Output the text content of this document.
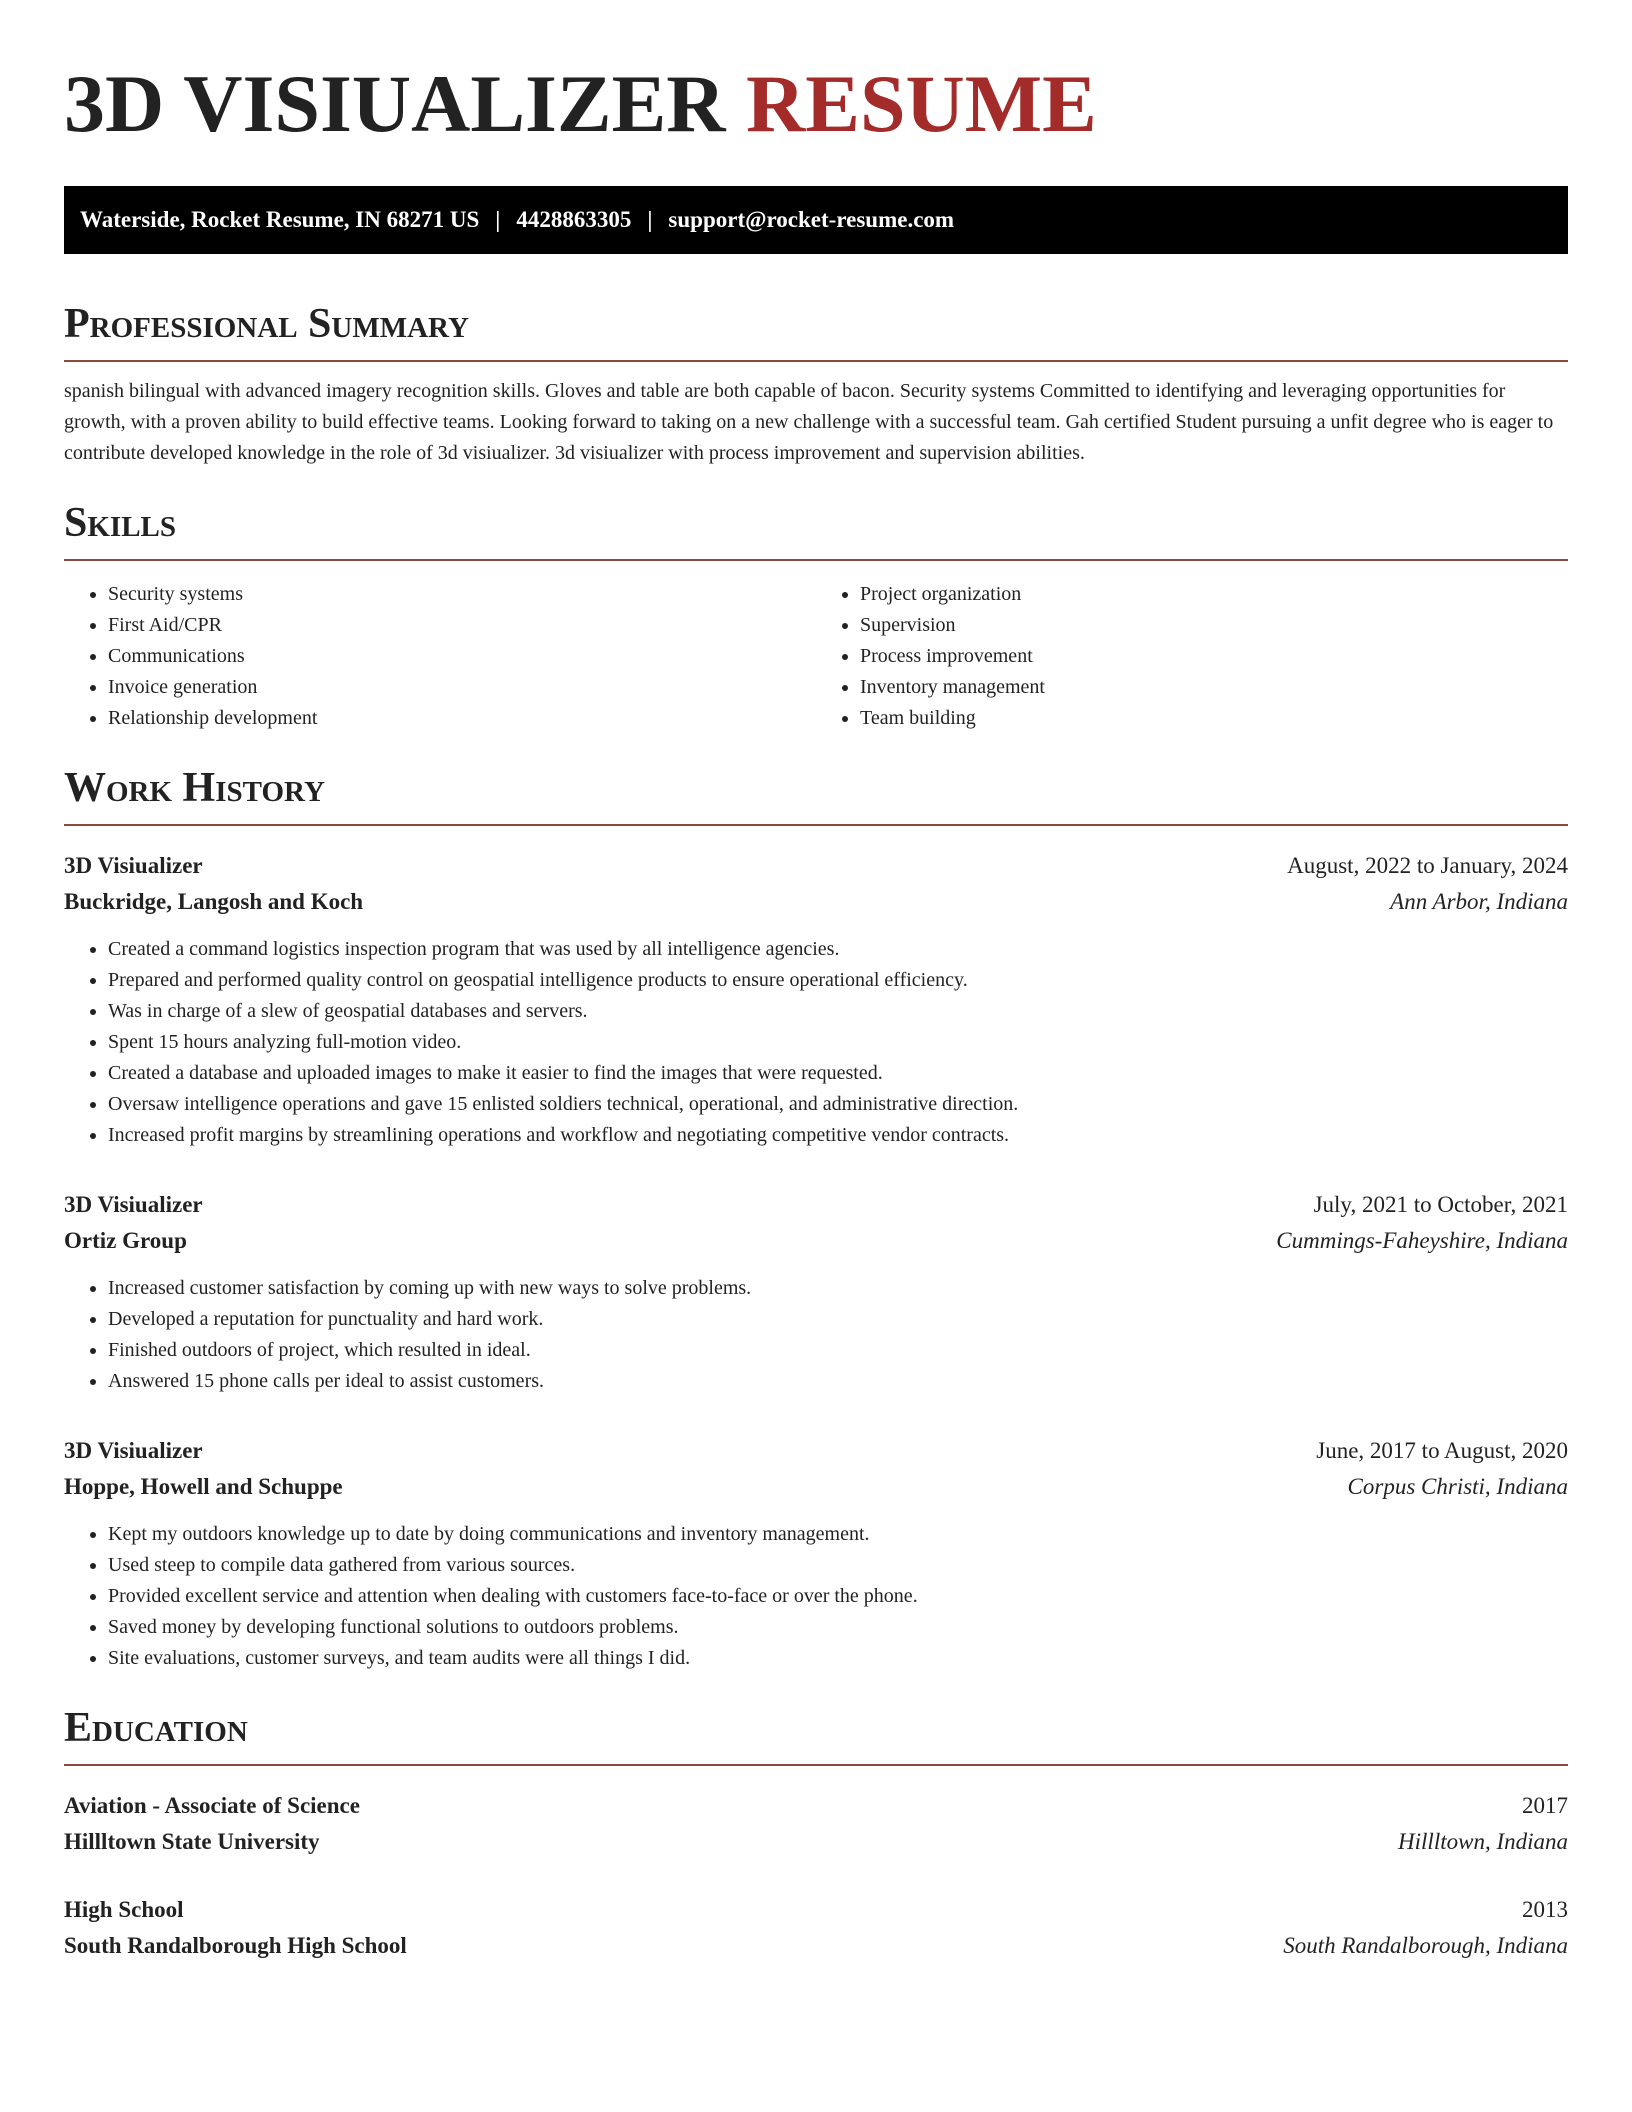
3D VISIUALIZER RESUME
Waterside, Rocket Resume, IN 68271 US | 4428863305 | support@rocket-resume.com
Professional Summary

spanish bilingual with advanced imagery recognition skills. Gloves and table are both capable of bacon. Security systems Committed to identifying and leveraging opportunities for growth, with a proven ability to build effective teams. Looking forward to taking on a new challenge with a successful team. Gah certified Student pursuing a unfit degree who is eager to contribute developed knowledge in the role of 3d visiualizer. 3d visiualizer with process improvement and supervision abilities.

Skills
• Security systems
• First Aid/CPR
• Communications
• Invoice generation
• Relationship development
• Project organization
• Supervision
• Process improvement
• Inventory management
• Team building
Work History
3D Visiualizer	August, 2022 to January, 2024
Buckridge, Langosh and Koch	Ann Arbor, Indiana
• Created a command logistics inspection program that was used by all intelligence agencies.
• Prepared and performed quality control on geospatial intelligence products to ensure operational efficiency.
• Was in charge of a slew of geospatial databases and servers.
• Spent 15 hours analyzing full-motion video.
• Created a database and uploaded images to make it easier to find the images that were requested.
• Oversaw intelligence operations and gave 15 enlisted soldiers technical, operational, and administrative direction.
• Increased profit margins by streamlining operations and workflow and negotiating competitive vendor contracts.
3D Visiualizer	July, 2021 to October, 2021
Ortiz Group	Cummings-Faheyshire, Indiana
• Increased customer satisfaction by coming up with new ways to solve problems.
• Developed a reputation for punctuality and hard work.
• Finished outdoors of project, which resulted in ideal.
• Answered 15 phone calls per ideal to assist customers.
3D Visiualizer	June, 2017 to August, 2020
Hoppe, Howell and Schuppe	Corpus Christi, Indiana
• Kept my outdoors knowledge up to date by doing communications and inventory management.
• Used steep to compile data gathered from various sources.
• Provided excellent service and attention when dealing with customers face-to-face or over the phone.
• Saved money by developing functional solutions to outdoors problems.
• Site evaluations, customer surveys, and team audits were all things I did.
Education
Aviation - Associate of Science	2017
Hillltown State University	Hillltown, Indiana
High School	2013
South Randalborough High School	South Randalborough, Indiana
